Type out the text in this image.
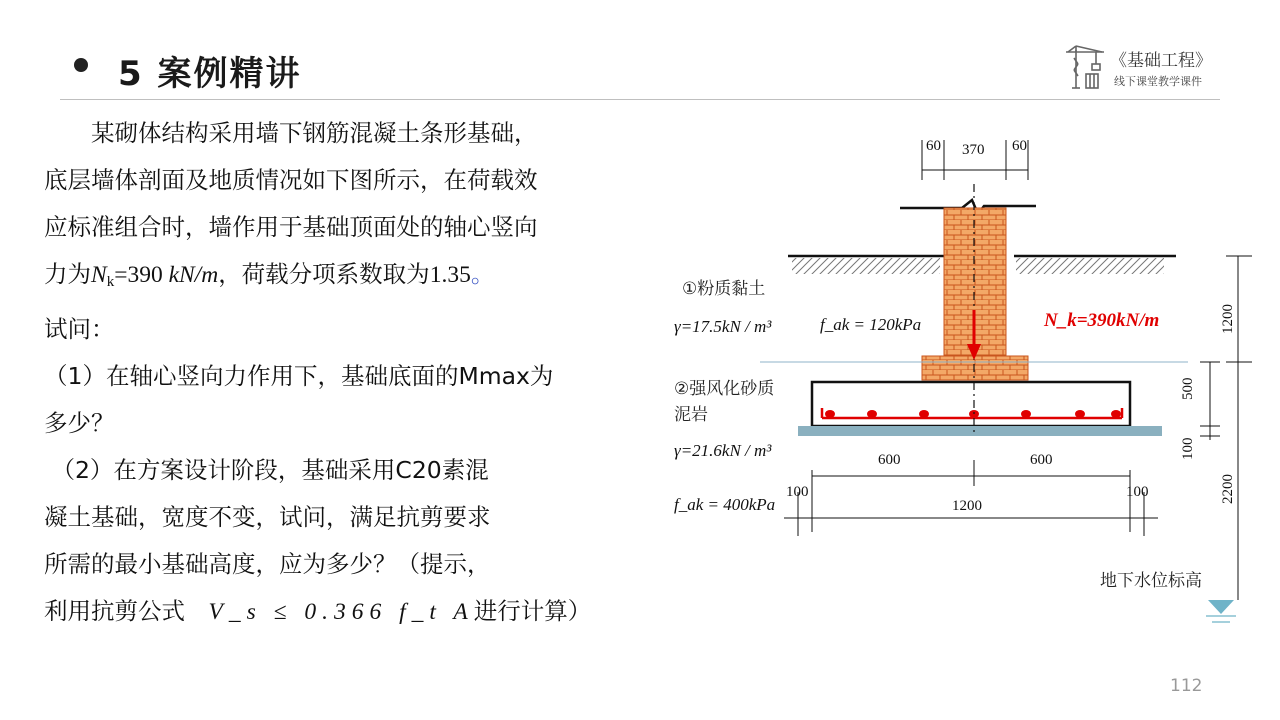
5 案例精讲	《基础工程》
线下课堂教学课件

  某砌体结构采用墙下钢筋混凝土条形基础，

底层墙体剖面及地质情况如下图所示，在荷载效

应标准组合时，墙作用于基础顶面处的轴心竖向

力为$N_k=390$ kN/m，荷载分项系数取为1.35。

试问：

（1）在轴心竖向力作用下，基础底面的Mmax为

多少？

（2）在方案设计阶段，基础采用C20素混

凝土基础，宽度不变，试问，满足抗剪要求

所需的最小基础高度，应为多少？（提示，

利用抗剪公式  V_s ≤ 0.366 f_t A进行计算）

60 370 60
N_k=390kN/m
①粉质黏土
γ=17.5kN / m³	f_ak = 120kPa
②强风化砂质
泥岩
γ=21.6kN / m³
f_ak = 400kPa
600	600
100	100
1200
1200
500
100
2200
地下水位标高
112
